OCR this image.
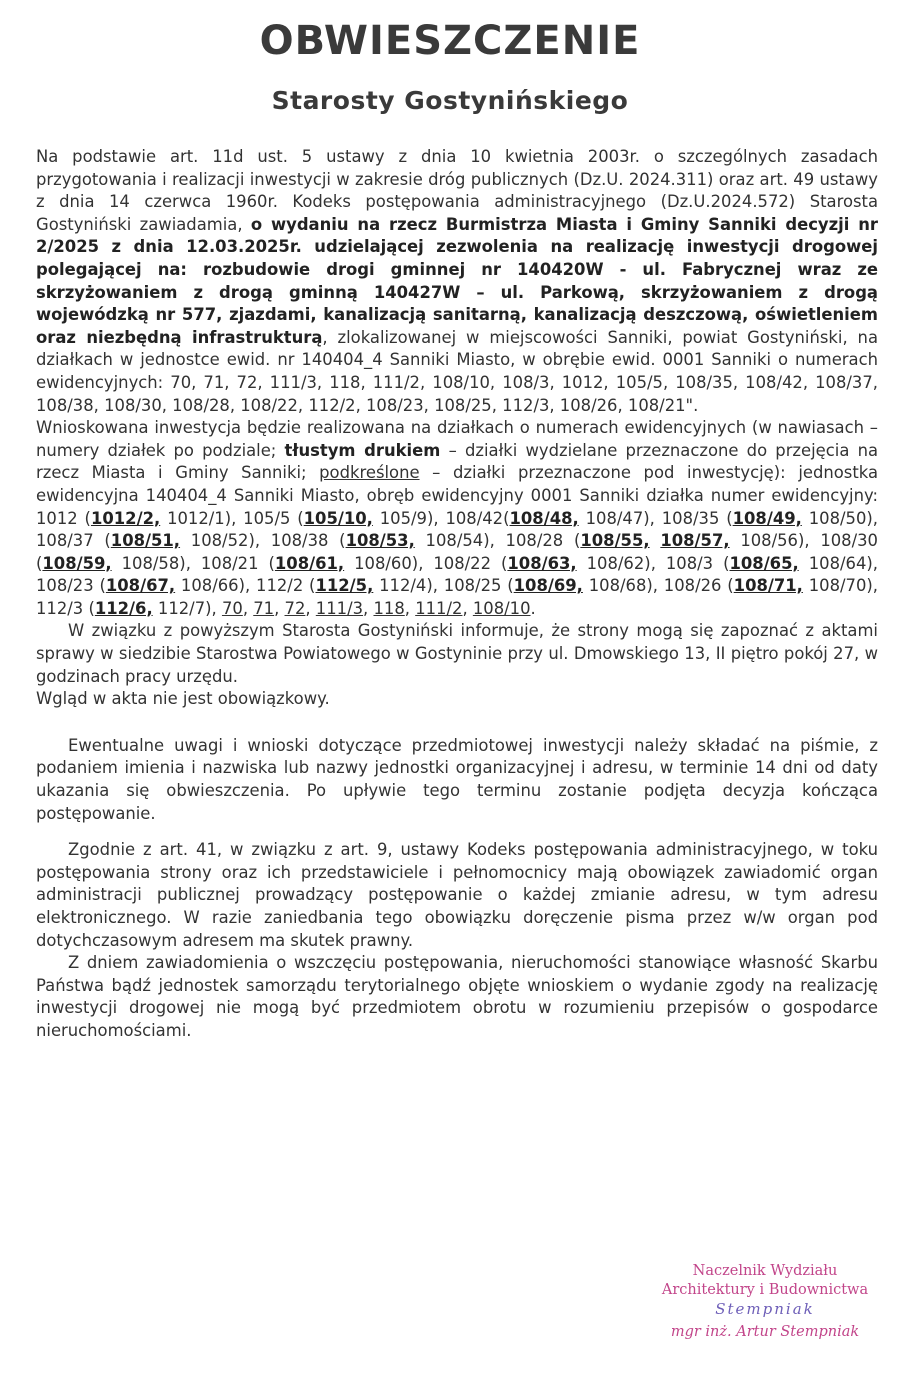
OBWIESZCZENIE
Starosty Gostynińskiego

Na podstawie art. 11d ust. 5 ustawy z dnia 10 kwietnia 2003r. o szczególnych zasadach przygotowania i realizacji inwestycji w zakresie dróg publicznych (Dz.U. 2024.311) oraz art. 49 ustawy z dnia 14 czerwca 1960r. Kodeks postępowania administracyjnego (Dz.U.2024.572) Starosta Gostyniński zawiadamia, o wydaniu na rzecz Burmistrza Miasta i Gminy Sanniki decyzji nr 2/2025 z dnia 12.03.2025r. udzielającej zezwolenia na realizację inwestycji drogowej polegającej na: rozbudowie drogi gminnej nr 140420W - ul. Fabrycznej wraz ze skrzyżowaniem z drogą gminną 140427W – ul. Parkową, skrzyżowaniem z drogą wojewódzką nr 577, zjazdami, kanalizacją sanitarną, kanalizacją deszczową, oświetleniem oraz niezbędną infrastrukturą, zlokalizowanej w miejscowości Sanniki, powiat Gostyniński, na działkach w jednostce ewid. nr 140404_4 Sanniki Miasto, w obrębie ewid. 0001 Sanniki o numerach ewidencyjnych: 70, 71, 72, 111/3, 118, 111/2, 108/10, 108/3, 1012, 105/5, 108/35, 108/42, 108/37, 108/38, 108/30, 108/28, 108/22, 112/2, 108/23, 108/25, 112/3, 108/26, 108/21".

Wnioskowana inwestycja będzie realizowana na działkach o numerach ewidencyjnych (w nawiasach – numery działek po podziale; tłustym drukiem – działki wydzielane przeznaczone do przejęcia na rzecz Miasta i Gminy Sanniki; podkreślone – działki przeznaczone pod inwestycję): jednostka ewidencyjna 140404_4 Sanniki Miasto, obręb ewidencyjny 0001 Sanniki działka numer ewidencyjny: 1012 (1012/2, 1012/1), 105/5 (105/10, 105/9), 108/42(108/48, 108/47), 108/35 (108/49, 108/50), 108/37 (108/51, 108/52), 108/38 (108/53, 108/54), 108/28 (108/55, 108/57, 108/56), 108/30 (108/59, 108/58), 108/21 (108/61, 108/60), 108/22 (108/63, 108/62), 108/3 (108/65, 108/64), 108/23 (108/67, 108/66), 112/2 (112/5, 112/4), 108/25 (108/69, 108/68), 108/26 (108/71, 108/70), 112/3 (112/6, 112/7), 70, 71, 72, 111/3, 118, 111/2, 108/10.

W związku z powyższym Starosta Gostyniński informuje, że strony mogą się zapoznać z aktami sprawy w siedzibie Starostwa Powiatowego w Gostyninie przy ul. Dmowskiego 13, II piętro pokój 27, w godzinach pracy urzędu.

Wgląd w akta nie jest obowiązkowy.

Ewentualne uwagi i wnioski dotyczące przedmiotowej inwestycji należy składać na piśmie, z podaniem imienia i nazwiska lub nazwy jednostki organizacyjnej i adresu, w terminie 14 dni od daty ukazania się obwieszczenia. Po upływie tego terminu zostanie podjęta decyzja kończąca postępowanie.

Zgodnie z art. 41, w związku z art. 9, ustawy Kodeks postępowania administracyjnego, w toku postępowania strony oraz ich przedstawiciele i pełnomocnicy mają obowiązek zawiadomić organ administracji publicznej prowadzący postępowanie o każdej zmianie adresu, w tym adresu elektronicznego. W razie zaniedbania tego obowiązku doręczenie pisma przez w/w organ pod dotychczasowym adresem ma skutek prawny.

Z dniem zawiadomienia o wszczęciu postępowania, nieruchomości stanowiące własność Skarbu Państwa bądź jednostek samorządu terytorialnego objęte wnioskiem o wydanie zgody na realizację inwestycji drogowej nie mogą być przedmiotem obrotu w rozumieniu przepisów o gospodarce nieruchomościami.

Naczelnik Wydziału
Architektury i Budownictwa
Stempniak
mgr inż. Artur Stempniak
